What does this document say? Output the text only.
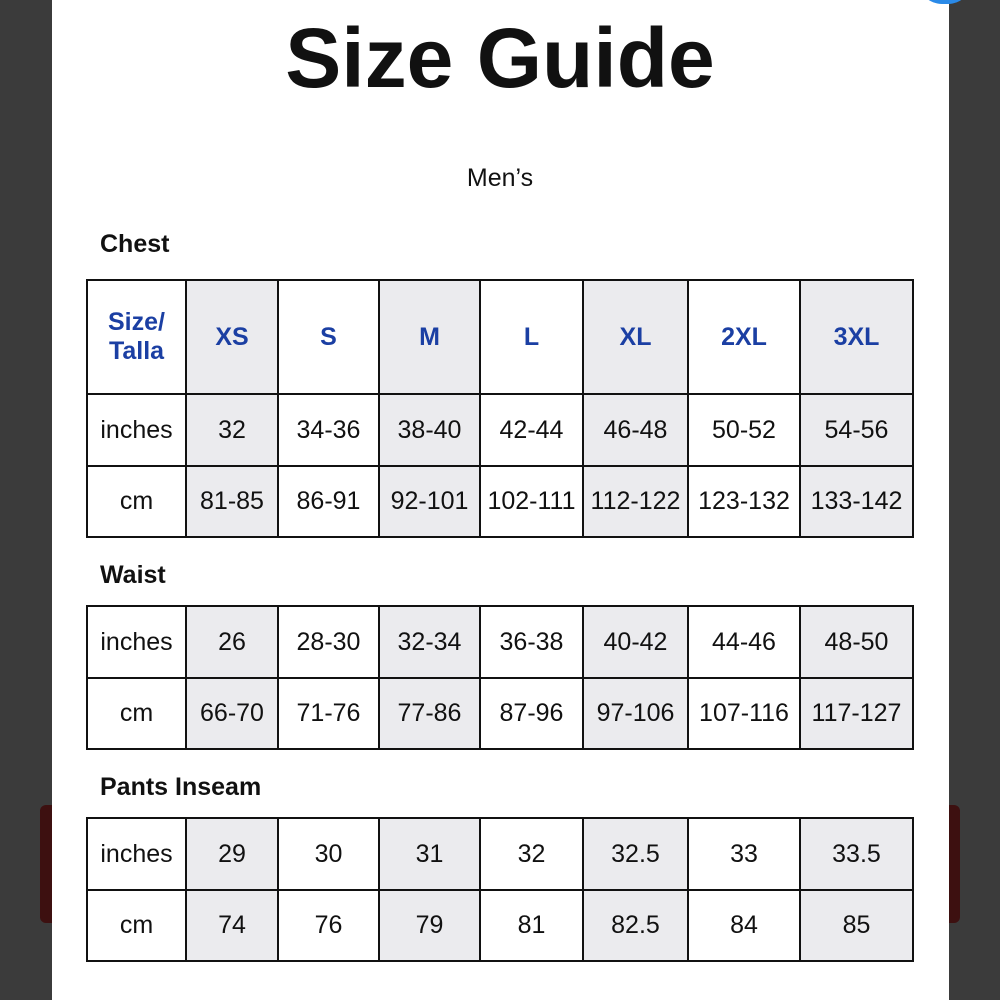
Size Guide
Men’s
Chest
Size/
Talla	XS	S	M	L	XL	2XL	3XL
inches	32	34-36	38-40	42-44	46-48	50-52	54-56
cm	81-85	86-91	92-101	102-111	112-122	123-132	133-142
Waist
inches	26	28-30	32-34	36-38	40-42	44-46	48-50
cm	66-70	71-76	77-86	87-96	97-106	107-116	117-127
Pants Inseam
inches	29	30	31	32	32.5	33	33.5
cm	74	76	79	81	82.5	84	85
